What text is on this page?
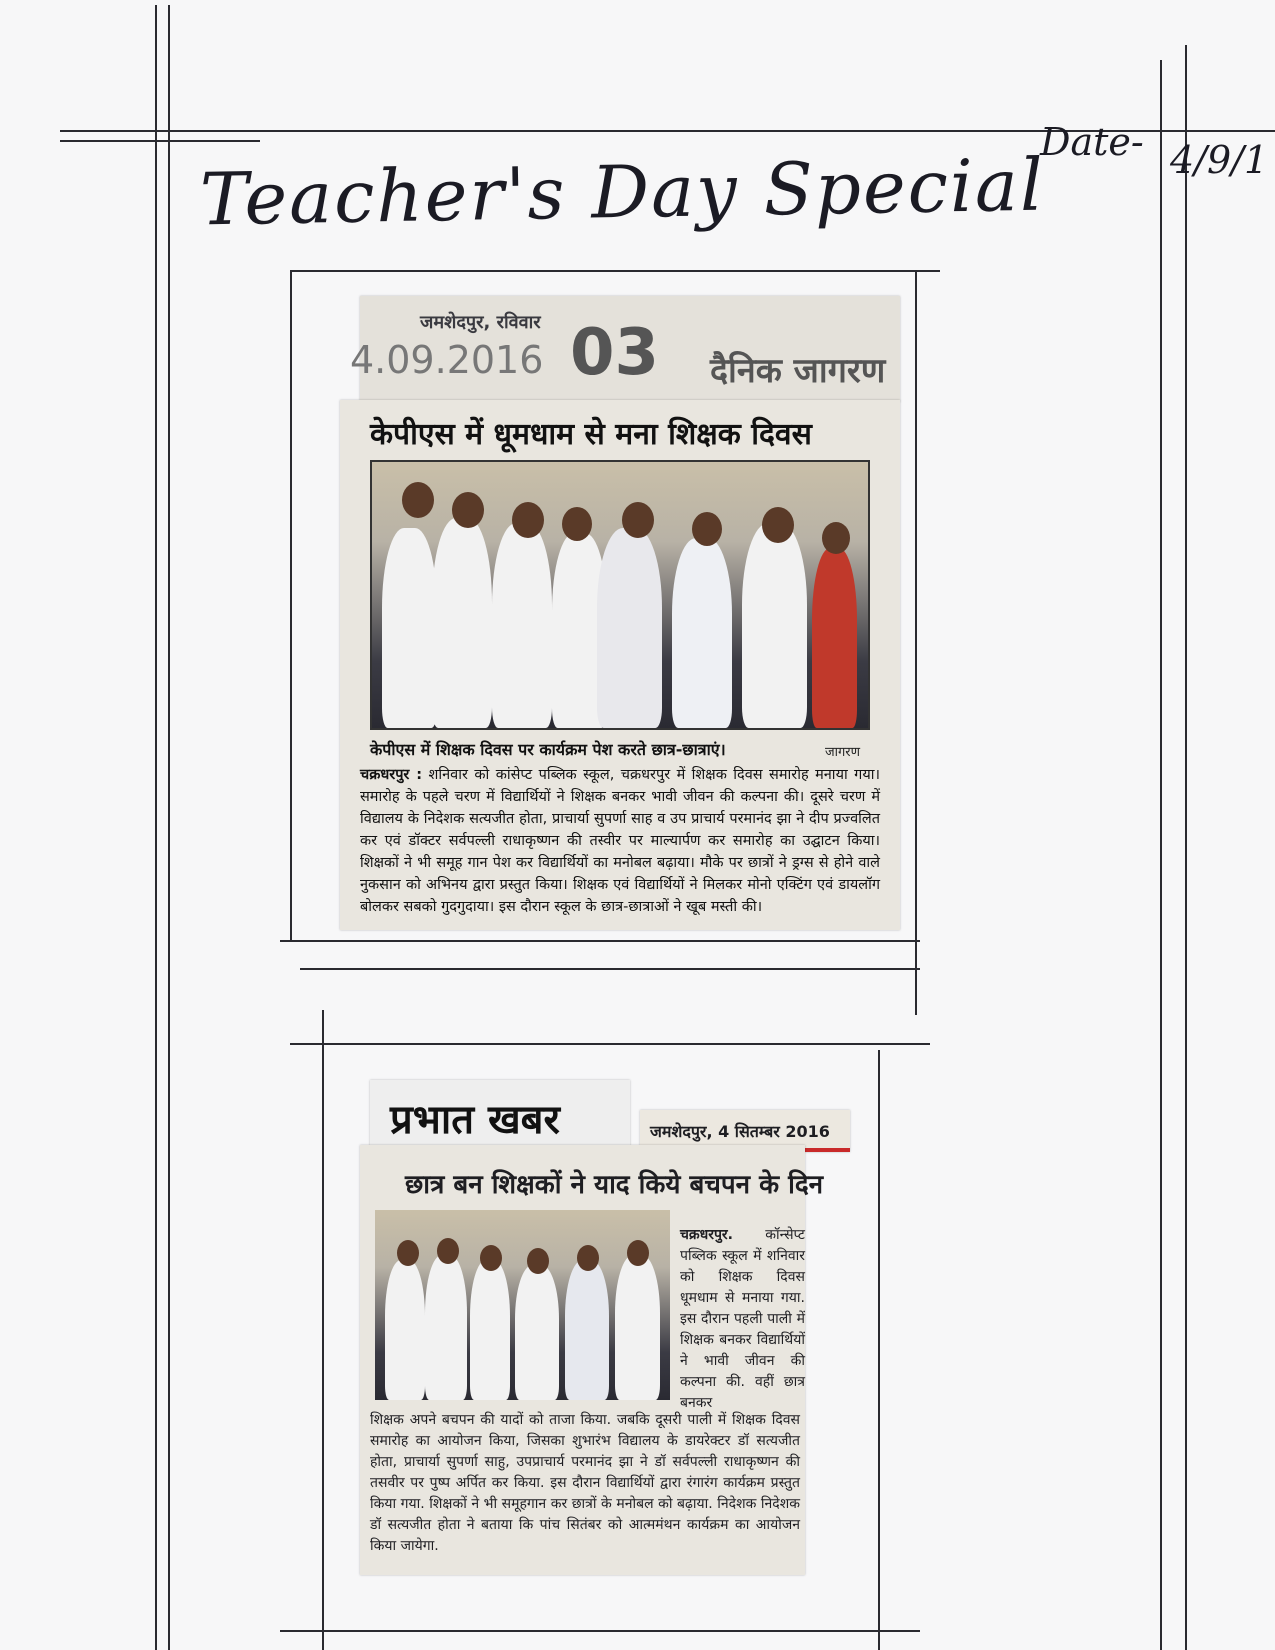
Teacher's Day Special
Date- 4/9/1
जमशेदपुर, रविवार
4.09.2016 03 दैनिक जागरण
केपीएस में धूमधाम से मना शिक्षक दिवस
केपीएस में शिक्षक दिवस पर कार्यक्रम पेश करते छात्र-छात्राएं।	जागरण
चक्रधरपुर : शनिवार को कांसेप्ट पब्लिक स्कूल, चक्रधरपुर में शिक्षक दिवस समारोह मनाया गया। समारोह के पहले चरण में विद्यार्थियों ने शिक्षक बनकर भावी जीवन की कल्पना की। दूसरे चरण में विद्यालय के निदेशक सत्यजीत होता, प्राचार्या सुपर्णा साह व उप प्राचार्य परमानंद झा ने दीप प्रज्वलित कर एवं डॉक्टर सर्वपल्ली राधाकृष्णन की तस्वीर पर माल्यार्पण कर समारोह का उद्घाटन किया। शिक्षकों ने भी समूह गान पेश कर विद्यार्थियों का मनोबल बढ़ाया। मौके पर छात्रों ने ड्रग्स से होने वाले नुकसान को अभिनय द्वारा प्रस्तुत किया। शिक्षक एवं विद्यार्थियों ने मिलकर मोनो एक्टिंग एवं डायलॉग बोलकर सबको गुदगुदाया। इस दौरान स्कूल के छात्र-छात्राओं ने खूब मस्ती की।
प्रभात खबर	जमशेदपुर, 4 सितम्बर 2016
छात्र बन शिक्षकों ने याद किये बचपन के दिन
चक्रधरपुर. कॉन्सेप्ट पब्लिक स्कूल में शनिवार को शिक्षक दिवस धूमधाम से मनाया गया. इस दौरान पहली पाली में शिक्षक बनकर विद्यार्थियों ने भावी जीवन की कल्पना की. वहीं छात्र बनकर
शिक्षक अपने बचपन की यादों को ताजा किया. जबकि दूसरी पाली में शिक्षक दिवस समारोह का आयोजन किया, जिसका शुभारंभ विद्यालय के डायरेक्टर डॉ सत्यजीत होता, प्राचार्या सुपर्णा साहु, उपप्राचार्य परमानंद झा ने डॉ सर्वपल्ली राधाकृष्णन की तसवीर पर पुष्प अर्पित कर किया. इस दौरान विद्यार्थियों द्वारा रंगारंग कार्यक्रम प्रस्तुत किया गया. शिक्षकों ने भी समूहगान कर छात्रों के मनोबल को बढ़ाया. निदेशक निदेशक डॉ सत्यजीत होता ने बताया कि पांच सितंबर को आत्ममंथन कार्यक्रम का आयोजन किया जायेगा.
